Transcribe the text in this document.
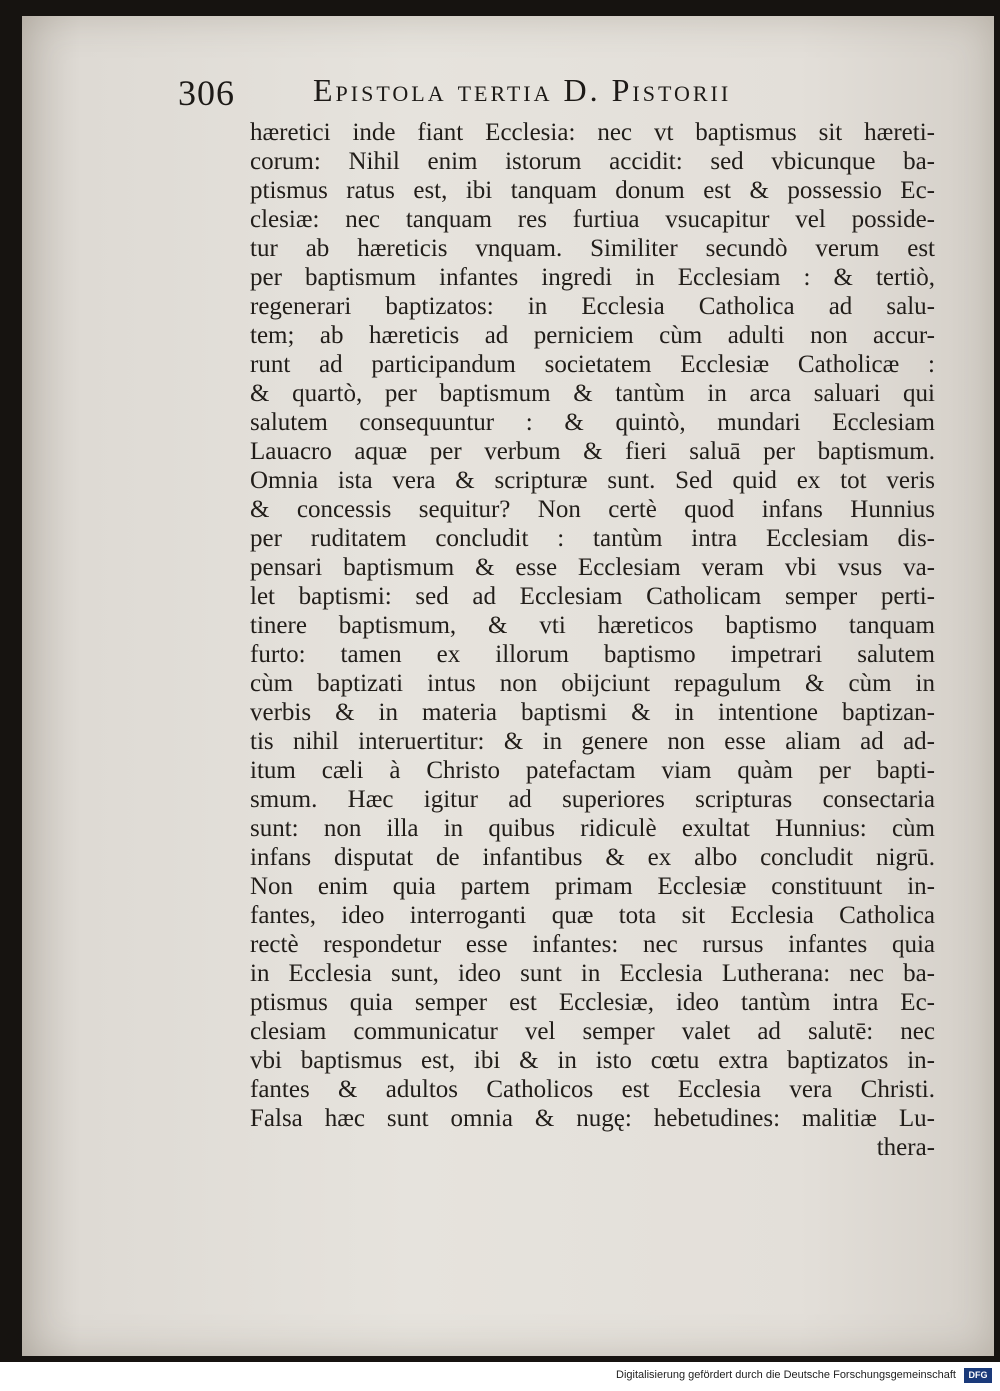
306 Epistola tertia D. Pistorii
hæretici inde fiant Ecclesia: nec vt baptismus sit hæreti-
corum: Nihil enim istorum accidit: sed vbicunque ba-
ptismus ratus est, ibi tanquam donum est & possessio Ec-
clesiæ: nec tanquam res furtiua vsucapitur vel posside-
tur ab hæreticis vnquam. Similiter secundò verum est
per baptismum infantes ingredi in Ecclesiam : & tertiò,
regenerari baptizatos: in Ecclesia Catholica ad salu-
tem; ab hæreticis ad perniciem cùm adulti non accur-
runt ad participandum societatem Ecclesiæ Catholicæ :
& quartò, per baptismum & tantùm in arca saluari qui
salutem consequuntur : & quintò, mundari Ecclesiam
Lauacro aquæ per verbum & fieri saluā per baptismum.
Omnia ista vera & scripturæ sunt. Sed quid ex tot veris
& concessis sequitur? Non certè quod infans Hunnius
per ruditatem concludit : tantùm intra Ecclesiam dis-
pensari baptismum & esse Ecclesiam veram vbi vsus va-
let baptismi: sed ad Ecclesiam Catholicam semper perti-
tinere baptismum, & vti hæreticos baptismo tanquam
furto: tamen ex illorum baptismo impetrari salutem
cùm baptizati intus non obijciunt repagulum & cùm in
verbis & in materia baptismi & in intentione baptizan-
tis nihil interuertitur: & in genere non esse aliam ad ad-
itum cæli à Christo patefactam viam quàm per bapti-
smum. Hæc igitur ad superiores scripturas consectaria
sunt: non illa in quibus ridiculè exultat Hunnius: cùm
infans disputat de infantibus & ex albo concludit nigrū.
Non enim quia partem primam Ecclesiæ constituunt in-
fantes, ideo interroganti quæ tota sit Ecclesia Catholica
rectè respondetur esse infantes: nec rursus infantes quia
in Ecclesia sunt, ideo sunt in Ecclesia Lutherana: nec ba-
ptismus quia semper est Ecclesiæ, ideo tantùm intra Ec-
clesiam communicatur vel semper valet ad salutē: nec
vbi baptismus est, ibi & in isto cœtu extra baptizatos in-
fantes & adultos Catholicos est Ecclesia vera Christi.
Falsa hæc sunt omnia & nugę: hebetudines: malitiæ Lu-
thera-
Digitalisierung gefördert durch die Deutsche Forschungsgemeinschaft	DFG
